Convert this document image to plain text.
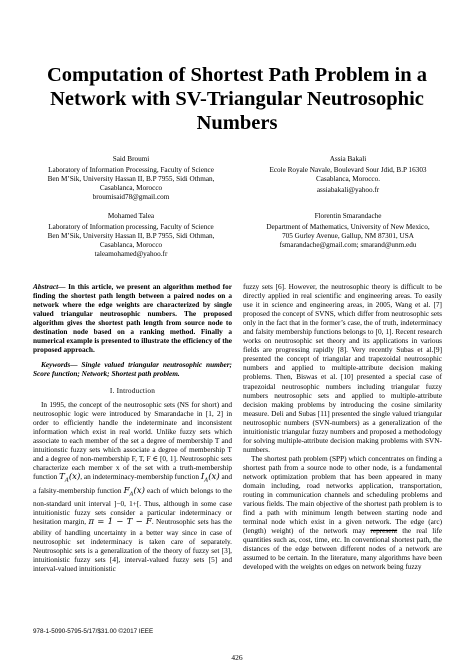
Computation of Shortest Path Problem in a
Network with SV-Triangular Neutrosophic
Numbers
Said Broumi
Laboratory of Information Processing, Faculty of Science
Ben M’Sik, University Hassan II, B.P 7955, Sidi Othman,
Casablanca, Morocco
broumisaid78@gmail.com
Assia Bakali
Ecole Royale Navale, Boulevard Sour Jdid, B.P 16303
Casablanca, Morocco.
assiabakali@yahoo.fr
Mohamed Talea
Laboratory of Information processing, Faculty of Science
Ben M’Sik, University Hassan II, B.P 7955, Sidi Othman,
Casablanca, Morocco
taleamohamed@yahoo.fr
Florentin Smarandache
Department of Mathematics, University of New Mexico,
705 Gurley Avenue, Gallup, NM 87301, USA
fsmarandache@gmail.com; smarand@unm.edu

Abstract— In this article, we present an algorithm method for finding the shortest path length between a paired nodes on a network where the edge weights are characterized by single valued triangular neutrosophic numbers. The proposed algorithm gives the shortest path length from source node to destination node based on a ranking method. Finally a numerical example is presented to illustrate the efficiency of the proposed approach.

Keywords— Single valued triangular neutrosophic number; Score function; Network; Shortest path problem.

I. Introduction

In 1995, the concept of the neutrosophic sets (NS for short) and neutrosophic logic were introduced by Smarandache in [1, 2] in order to efficiently handle the indeterminate and inconsistent information which exist in real world. Unlike fuzzy sets which associate to each member of the set a degree of membership T and intuitionstic fuzzy sets which associate a degree of membership T and a degree of non-membership F, T, F ∈ [0, 1]. Neutrosophic sets characterize each member x of the set with a truth-membership function $T_A(x)$, an indeterminacy-membership function $I_A(x)$ and a falsity-membership function $F_A(x)$ each of which belongs to the non-standard unit interval ]−0, 1+[. Thus, although in some case intuitionistic fuzzy sets consider a particular indeterminacy or hesitation margin, π = 1 − T − F. Neutrosophic sets has the ability of handling uncertainty in a better way since in case of neutrosophic set indeterminacy is taken care of separately. Neutrosophic sets is a generalization of the theory of fuzzy set [3], intuitionistic fuzzy sets [4], interval-valued fuzzy sets [5] and interval-valued intuitionistic

fuzzy sets [6]. However, the neutrosophic theory is difficult to be directly applied in real scientific and engineering areas. To easily use it in science and engineering areas, in 2005, Wang et al. [7] proposed the concept of SVNS, which differ from neutrosophic sets only in the fact that in the former’s case, the of truth, indeterminacy and falsity membership functions belongs to [0, 1]. Recent research works on neutrosophic set theory and its applications in various fields are progressing rapidly [8]. Very recently Subas et al.[9] presented the concept of triangular and trapezoidal neutrosophic numbers and applied to multiple-attribute decision making problems. Then, Biswas et al. [10] presented a special case of trapezoidal neutrosophic numbers including triangular fuzzy numbers neutrosophic sets and applied to multiple-attribute decision making problems by introducing the cosine similarity measure. Deli and Subas [11] presented the single valued triangular neutrosophic numbers (SVN-numbers) as a generalization of the intuitionistic triangular fuzzy numbers and proposed a methodology for solving multiple-attribute decision making problems with SVN-numbers.

The shortest path problem (SPP) which concentrates on finding a shortest path from a source node to other node, is a fundamental network optimization problem that has been appeared in many domain including, road networks application, transportation, routing in communication channels and scheduling problems and various fields. The main objective of the shortest path problem is to find a path with minimum length between starting node and terminal node which exist in a given network. The edge (arc) (length) weight) of the network may represent the real life quantities such as, cost, time, etc. In conventional shortest path, the distances of the edge between different nodes of a network are assumed to be certain. In the literature, many algorithms have been developed with the weights on edges on network being fuzzy

978-1-5090-5795-5/17/$31.00 ©2017 IEEE
426
